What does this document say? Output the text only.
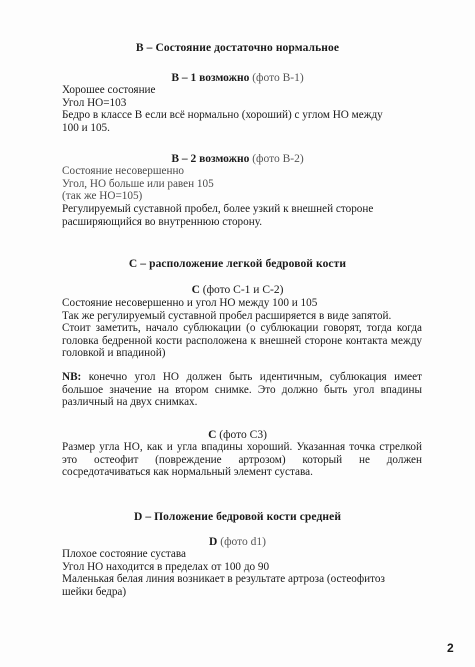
B – Состояние достаточно нормальное
B – 1 возможно (фото B-1)
Хорошее состояние
Угол НО=103
Бедро в классе B если всё нормально (хороший) с углом НО между
100 и 105.
B – 2 возможно (фото B-2)
Состояние несовершенно
Угол, НО больше или равен 105
(так же НО=105)
Регулируемый суставной пробел, более узкий к внешней стороне
расширяющийся во внутреннюю сторону.
C – расположение легкой бедровой кости
C (фото C-1 и C-2)
Состояние несовершенно и угол НО между 100 и 105
Так же регулируемый суставной пробел расширяется в виде запятой.
Стоит заметить, начало сублюкации (о сублюкации говорят, тогда когда головка бедренной кости расположена к внешней стороне контакта между головкой и впадиной)
NB: конечно угол НО должен быть идентичным, сублюкация имеет большое значение на втором снимке. Это должно быть угол впадины различный на двух снимках.
C (фото C3)
Размер угла НО, как и угла впадины хороший. Указанная точка стрелкой это остеофит (повреждение артрозом) который не должен сосредотачиваться как нормальный элемент сустава.
D – Положение бедровой кости средней
D (фото d1)
Плохое состояние сустава
Угол НО находится в пределах от 100 до 90
Маленькая белая линия возникает в результате артроза (остеофитоз
шейки бедра)
2
